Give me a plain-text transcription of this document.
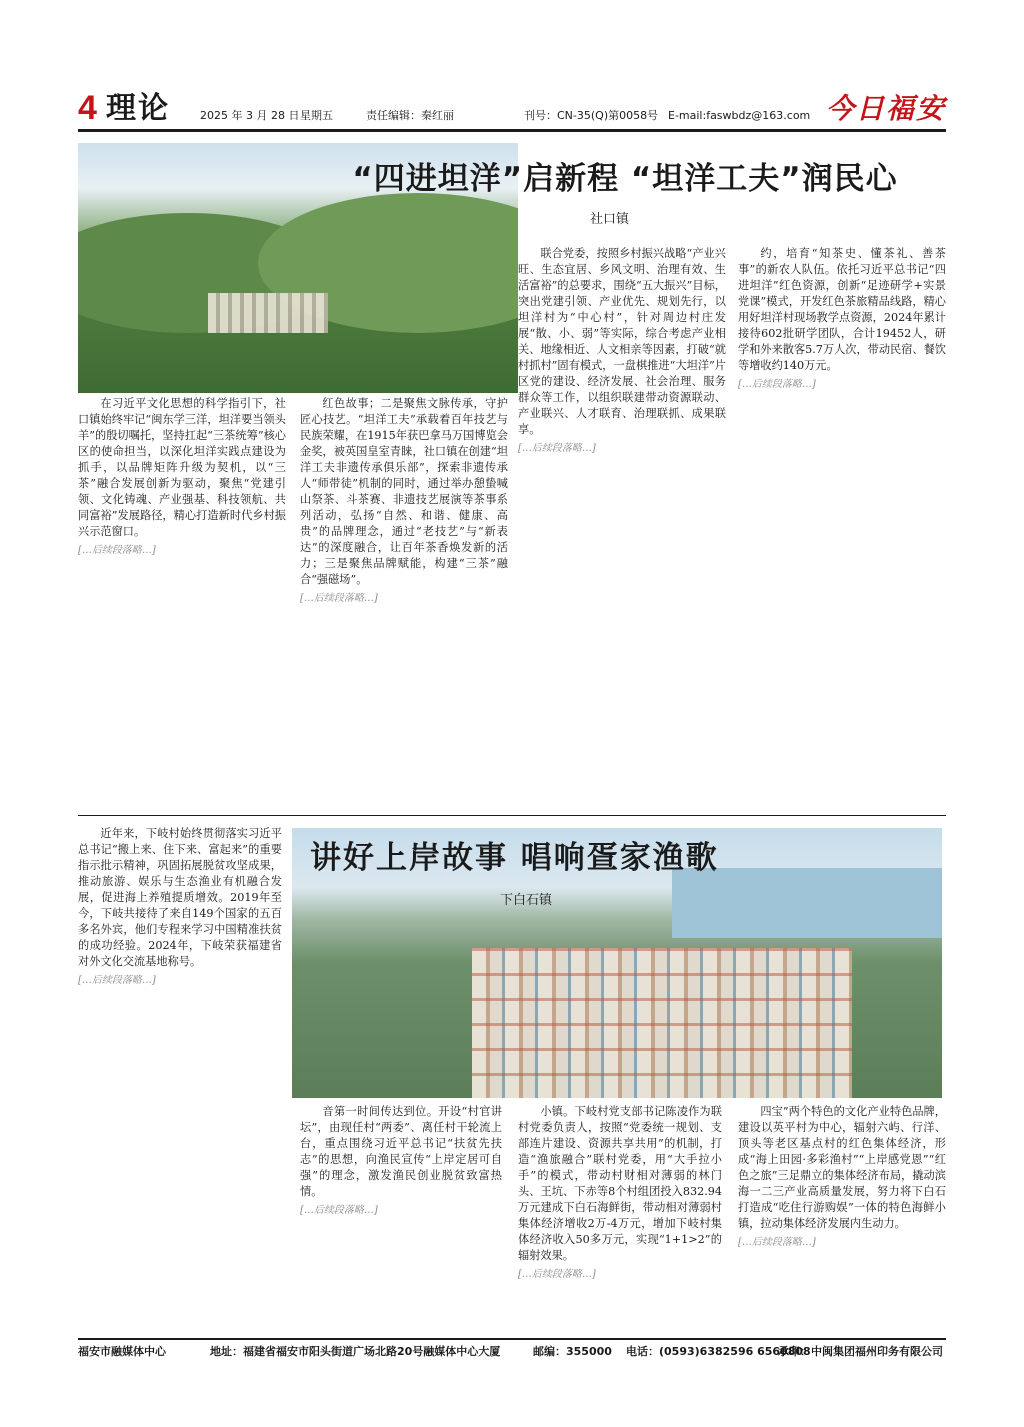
4 理论	2025 年 3 月 28 日 星期五	责任编辑：秦红丽	刊号：CN-35(Q)第0058号 E-mail:faswbdz@163.com 今日福安
“四进坦洋”启新程 “坦洋工夫”润民心
社口镇

在习近平文化思想的科学指引下，社口镇始终牢记“闽东学三洋，坦洋要当领头羊”的殷切嘱托，坚持扛起“三茶统筹”核心区的使命担当，以深化坦洋实践点建设为抓手，以品牌矩阵升级为契机，以“三茶”融合发展创新为驱动，聚焦“党建引领、文化铸魂、产业强基、科技领航、共同富裕”发展路径，精心打造新时代乡村振兴示范窗口。

[…后续段落略…]

红色故事；二是聚焦文脉传承，守护匠心技艺。“坦洋工夫”承载着百年技艺与民族荣耀，在1915年获巴拿马万国博览会金奖，被英国皇室青睐，社口镇在创建“坦洋工夫非遗传承俱乐部”，探索非遗传承人“师带徒”机制的同时，通过举办憩蛰喊山祭茶、斗茶赛、非遗技艺展演等茶事系列活动，弘扬“自然、和谐、健康、高贵”的品牌理念，通过“老技艺”与“新表达”的深度融合，让百年茶香焕发新的活力；三是聚焦品牌赋能，构建“三茶”融合“强磁场”。

[…后续段落略…]

联合党委，按照乡村振兴战略“产业兴旺、生态宜居、乡风文明、治理有效、生活富裕”的总要求，围绕“五大振兴”目标，突出党建引领、产业优先、规划先行，以坦洋村为“中心村”，针对周边村庄发展“散、小、弱”等实际，综合考虑产业相关、地缘相近、人文相亲等因素，打破“就村抓村”固有模式，一盘棋推进“大坦洋”片区党的建设、经济发展、社会治理、服务群众等工作，以组织联建带动资源联动、产业联兴、人才联育、治理联抓、成果联享。

[…后续段落略…]

约，培育“知茶史、懂茶礼、善茶事”的新农人队伍。依托习近平总书记“四进坦洋”红色资源，创新“足迹研学+实景党课”模式，开发红色茶旅精品线路，精心用好坦洋村现场教学点资源，2024年累计接待602批研学团队，合计19452人，研学和外来散客5.7万人次，带动民宿、餐饮等增收约140万元。

[…后续段落略…]

讲好上岸故事 唱响疍家渔歌
下白石镇

近年来，下岐村始终贯彻落实习近平总书记“搬上来、住下来、富起来”的重要指示批示精神，巩固拓展脱贫攻坚成果，推动旅游、娱乐与生态渔业有机融合发展，促进海上养殖提质增效。2019年至今，下岐共接待了来自149个国家的五百多名外宾，他们专程来学习中国精准扶贫的成功经验。2024年，下岐荣获福建省对外文化交流基地称号。

[…后续段落略…]

音第一时间传达到位。开设“村官讲坛”，由现任村“两委”、离任村干轮流上台，重点围绕习近平总书记“扶贫先扶志”的思想，向渔民宣传“上岸定居可自强”的理念，激发渔民创业脱贫致富热情。

[…后续段落略…]

小镇。下岐村党支部书记陈凌作为联村党委负责人，按照“党委统一规划、支部连片建设、资源共享共用”的机制，打造“渔旅融合”联村党委，用“大手拉小手”的模式，带动村财相对薄弱的林门头、王坑、下赤等8个村组团投入832.94万元建成下白石海鲜街，带动相对薄弱村集体经济增收2万-4万元，增加下岐村集体经济收入50多万元，实现“1+1>2”的辐射效果。

[…后续段落略…]

四宝”两个特色的文化产业特色品牌，建设以英平村为中心，辐射六屿、行洋、顶头等老区基点村的红色集体经济，形成“海上田园·多彩渔村”“上岸感党恩”“红色之旅”三足鼎立的集体经济布局，撬动滨海一二三产业高质量发展，努力将下白石打造成“吃住行游购娱”一体的特色海鲜小镇，拉动集体经济发展内生动力。

[…后续段落略…]

福安市融媒体中心	地址：福建省福安市阳头街道广场北路20号融媒体中心大厦	邮编：355000 电话：(0593)6382596 6560808
承印：中闽集团福州印务有限公司
